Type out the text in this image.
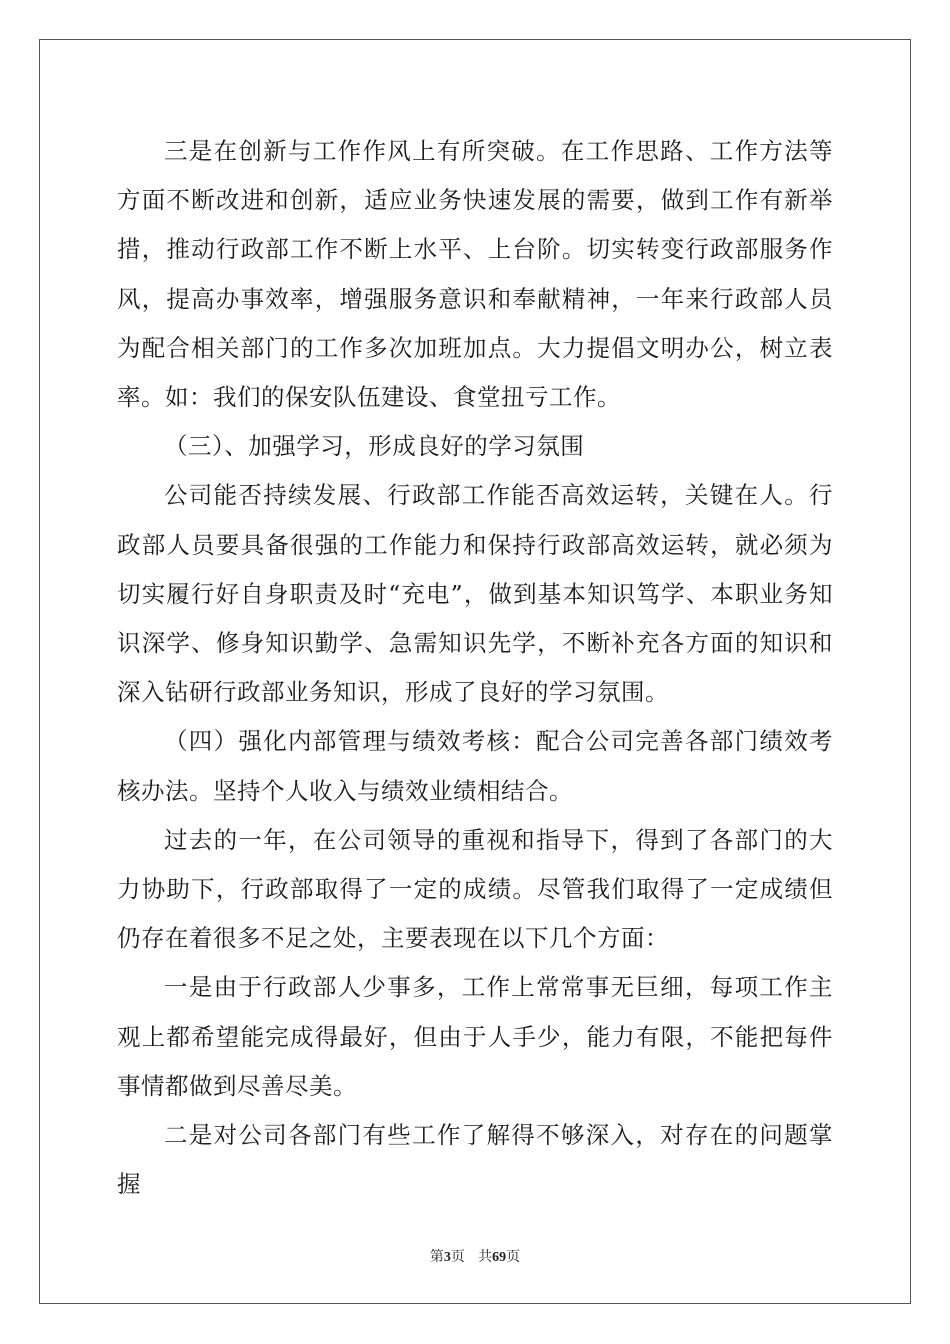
三是在创新与工作作风上有所突破。在工作思路、工作方法等方面不断改进和创新，适应业务快速发展的需要，做到工作有新举措，推动行政部工作不断上水平、上台阶。切实转变行政部服务作风，提高办事效率，增强服务意识和奉献精神，一年来行政部人员为配合相关部门的工作多次加班加点。大力提倡文明办公，树立表率。如：我们的保安队伍建设、食堂扭亏工作。

（三）、加强学习，形成良好的学习氛围

公司能否持续发展、行政部工作能否高效运转，关键在人。行政部人员要具备很强的工作能力和保持行政部高效运转，就必须为切实履行好自身职责及时“充电”，做到基本知识笃学、本职业务知识深学、修身知识勤学、急需知识先学，不断补充各方面的知识和深入钻研行政部业务知识，形成了良好的学习氛围。

（四）强化内部管理与绩效考核：配合公司完善各部门绩效考核办法。坚持个人收入与绩效业绩相结合。

过去的一年，在公司领导的重视和指导下，得到了各部门的大力协助下，行政部取得了一定的成绩。尽管我们取得了一定成绩但仍存在着很多不足之处，主要表现在以下几个方面：

一是由于行政部人少事多，工作上常常事无巨细，每项工作主观上都希望能完成得最好，但由于人手少，能力有限，不能把每件事情都做到尽善尽美。

二是对公司各部门有些工作了解得不够深入，对存在的问题掌握

第3页 共69页
